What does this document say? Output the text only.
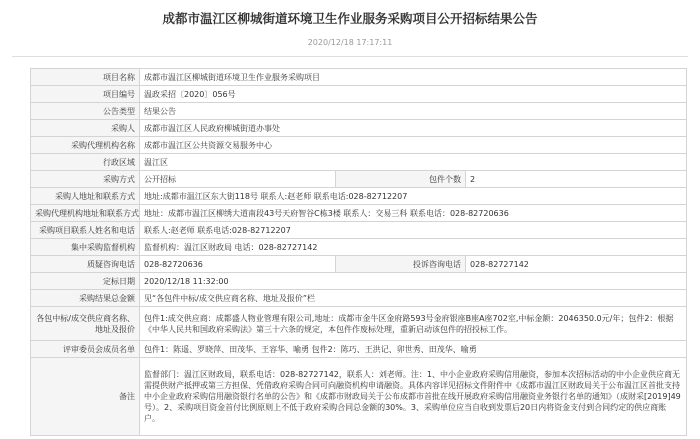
成都市温江区柳城街道环境卫生作业服务采购项目公开招标结果公告
2020/12/18 17:17:11
项目名称	成都市温江区柳城街道环境卫生作业服务采购项目		
项目编号	温政采招〔2020〕056号		
公告类型	结果公告		
采购人	成都市温江区人民政府柳城街道办事处		
采购代理机构名称	成都市温江区公共资源交易服务中心		
行政区域	温江区		
采购方式	公开招标	包件个数	2
采购人地址和联系方式	地址:成都市温江区东大街118号 联系人:赵老师 联系电话:028-82712207		
采购代理机构地址和联系方式	地址：成都市温江区柳绣大道南段43号天府智谷C栋3楼 联系人：交易三科 联系电话：028-82720636		
采购项目联系人姓名和电话	联系人:赵老师 联系电话:028-82712207		
集中采购监督机构	监督机构：温江区财政局 电话：028-82727142		
质疑咨询电话	028-82720636	投诉咨询电话	028-82727142
定标日期	2020/12/18 11:32:00		
采购结果总金额	见“各包件中标/成交供应商名称、地址及报价”栏		

各包中标/成交供应商名称、
地址及报价	包件1:成交供应商：成都盛人物业管理有限公司,地址：成都市金牛区金府路593号金府银座B座A座702室,中标金额：2046350.0元/年；包件2：根据《中华人民共和国政府采购法》第三十六条的规定，本包件作废标处理，重新启动该包件的招投标工作。		
评审委员会成员名单	包件1：陈遥、罗晓萍、田茂华、王容华、喻勇 包件2：陈巧、王洪记、卯世秀、田茂华、喻勇		
备注	监督部门：温江区财政局，联系电话：028-82727142，联系人：刘老师。注：1、中小企业政府采购信用融资，参加本次招标活动的中小企业供应商无需提供财产抵押或第三方担保、凭借政府采购合同可向融资机构申请融资。具体内容详见招标文件附件中《成都市温江区财政局关于公布温江区首批支持中小企业政府采购信用融资银行名单的公告》和《成都市财政局关于公布成都市首批在线开展政府采购信用融资业务银行名单的通知》（成财采[2019]49号）。2、采购项目资金首付比例原则上不低于政府采购合同总金额的30%。3、采购单位应当自收到发票后20日内将资金支付到合同约定的供应商账户。		
